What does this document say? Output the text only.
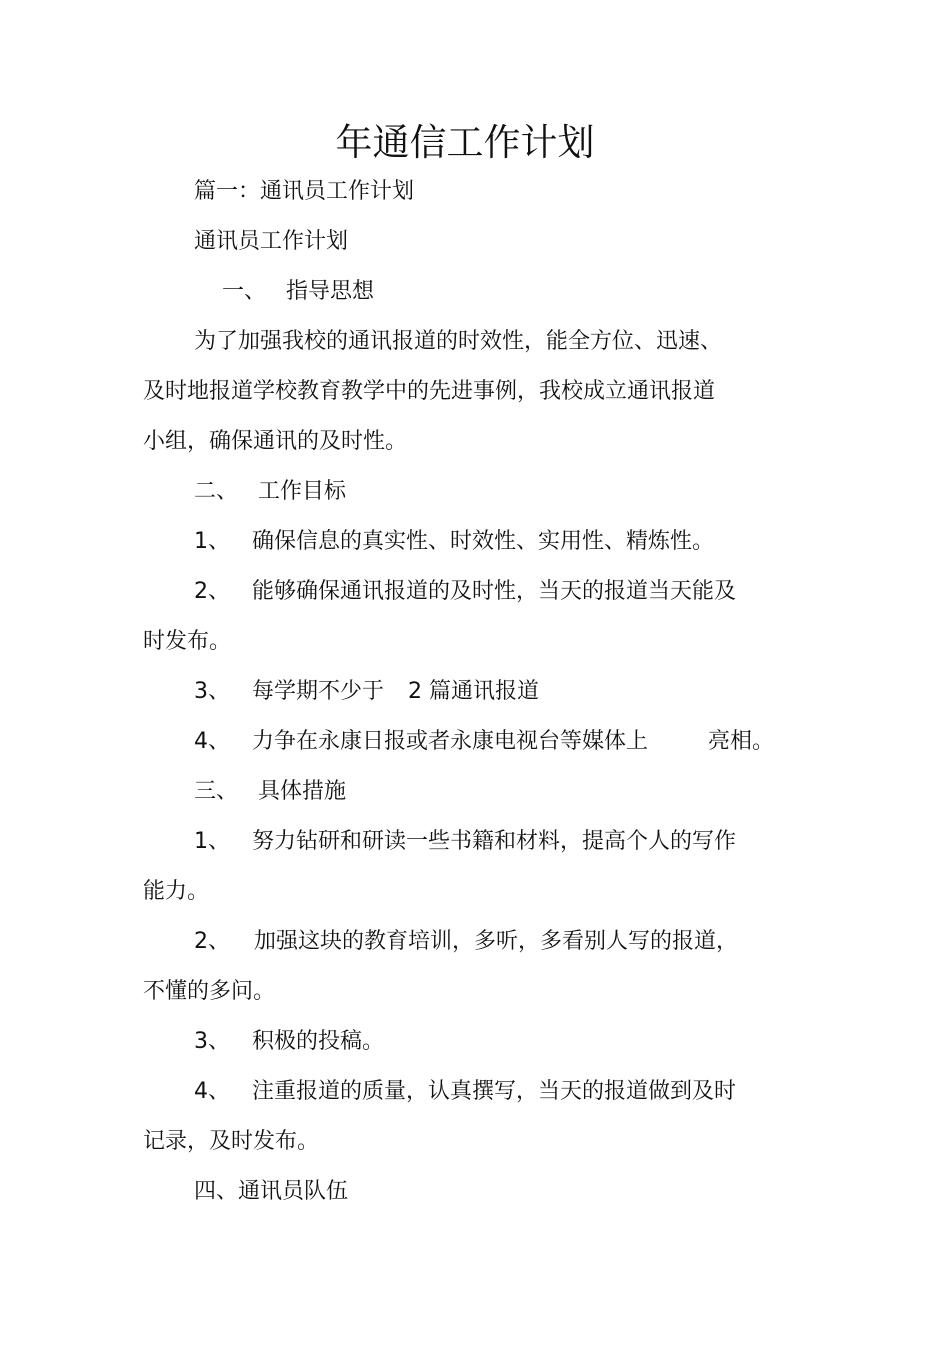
年通信工作计划
篇一：通讯员工作计划
通讯员工作计划
一、 指导思想
为了加强我校的通讯报道的时效性，能全方位、迅速、
及时地报道学校教育教学中的先进事例，我校成立通讯报道
小组，确保通讯的及时性。
二、 工作目标
1、 确保信息的真实性、时效性、实用性、精炼性。
2、 能够确保通讯报道的及时性，当天的报道当天能及
时发布。
3、 每学期不少于 2 篇通讯报道
4、 力争在永康日报或者永康电视台等媒体上	亮相。
三、 具体措施
1、 努力钻研和研读一些书籍和材料，提高个人的写作
能力。
2、 加强这块的教育培训，多听，多看别人写的报道，
不懂的多问。
3、 积极的投稿。
4、 注重报道的质量，认真撰写，当天的报道做到及时
记录，及时发布。
四、通讯员队伍
